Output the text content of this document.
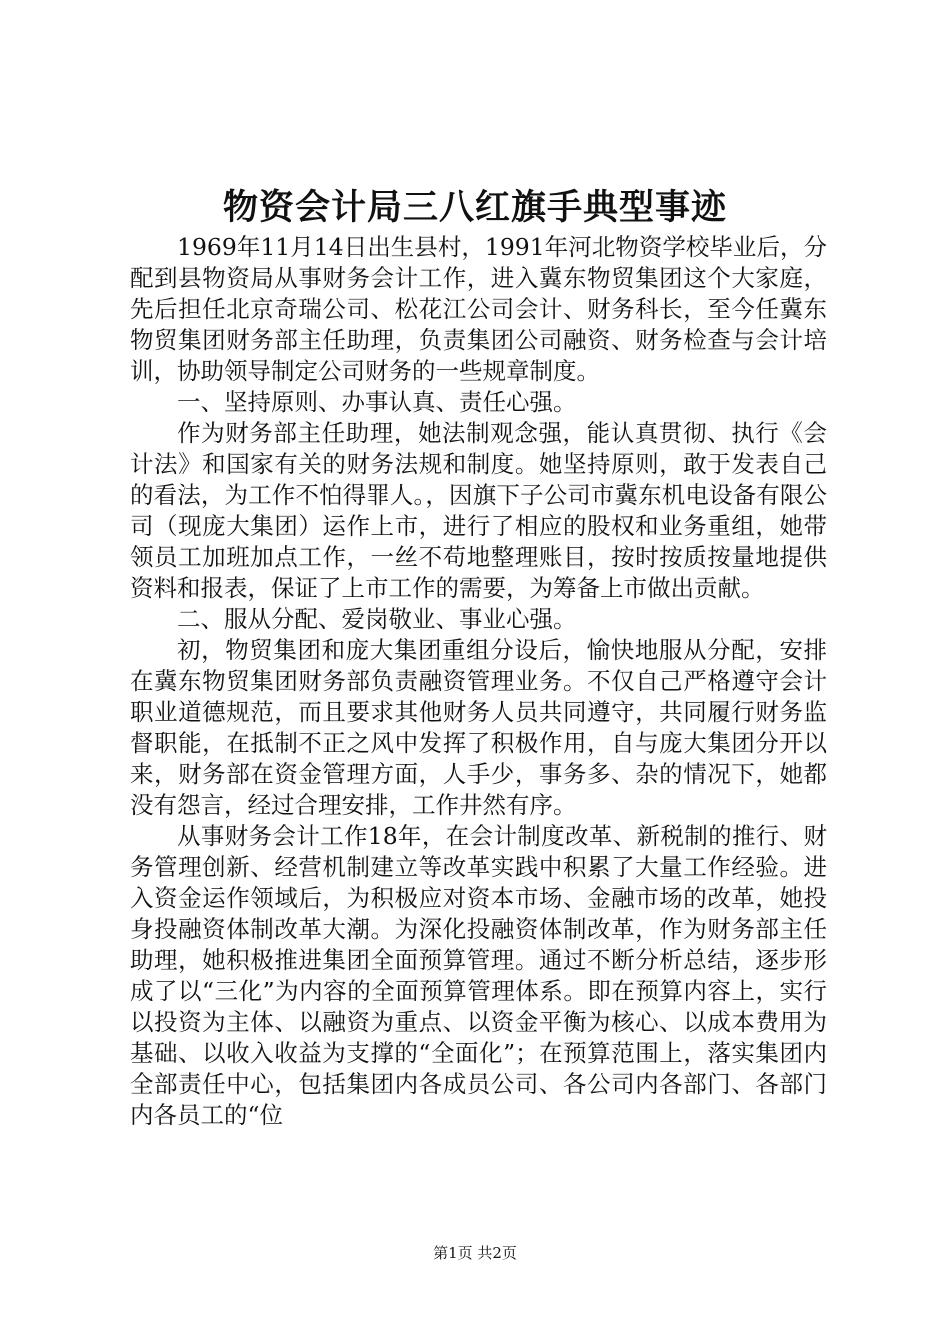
物资会计局三八红旗手典型事迹

1969年11月14日出生县村，1991年河北物资学校毕业后，分配到县物资局从事财务会计工作，进入冀东物贸集团这个大家庭，先后担任北京奇瑞公司、松花江公司会计、财务科长，至今任冀东物贸集团财务部主任助理，负责集团公司融资、财务检查与会计培训，协助领导制定公司财务的一些规章制度。

一、坚持原则、办事认真、责任心强。

作为财务部主任助理，她法制观念强，能认真贯彻、执行《会计法》和国家有关的财务法规和制度。她坚持原则，敢于发表自己的看法，为工作不怕得罪人。，因旗下子公司市冀东机电设备有限公司（现庞大集团）运作上市，进行了相应的股权和业务重组，她带领员工加班加点工作，一丝不苟地整理账目，按时按质按量地提供资料和报表，保证了上市工作的需要，为筹备上市做出贡献。

二、服从分配、爱岗敬业、事业心强。

初，物贸集团和庞大集团重组分设后，愉快地服从分配，安排在冀东物贸集团财务部负责融资管理业务。不仅自己严格遵守会计职业道德规范，而且要求其他财务人员共同遵守，共同履行财务监督职能，在抵制不正之风中发挥了积极作用，自与庞大集团分开以来，财务部在资金管理方面，人手少，事务多、杂的情况下，她都没有怨言，经过合理安排，工作井然有序。

从事财务会计工作18年，在会计制度改革、新税制的推行、财务管理创新、经营机制建立等改革实践中积累了大量工作经验。进入资金运作领域后，为积极应对资本市场、金融市场的改革，她投身投融资体制改革大潮。为深化投融资体制改革，作为财务部主任助理，她积极推进集团全面预算管理。通过不断分析总结，逐步形成了以“三化”为内容的全面预算管理体系。即在预算内容上，实行以投资为主体、以融资为重点、以资金平衡为核心、以成本费用为基础、以收入收益为支撑的“全面化”；在预算范围上，落实集团内全部责任中心，包括集团内各成员公司、各公司内各部门、各部门内各员工的“位

第1页 共2页
